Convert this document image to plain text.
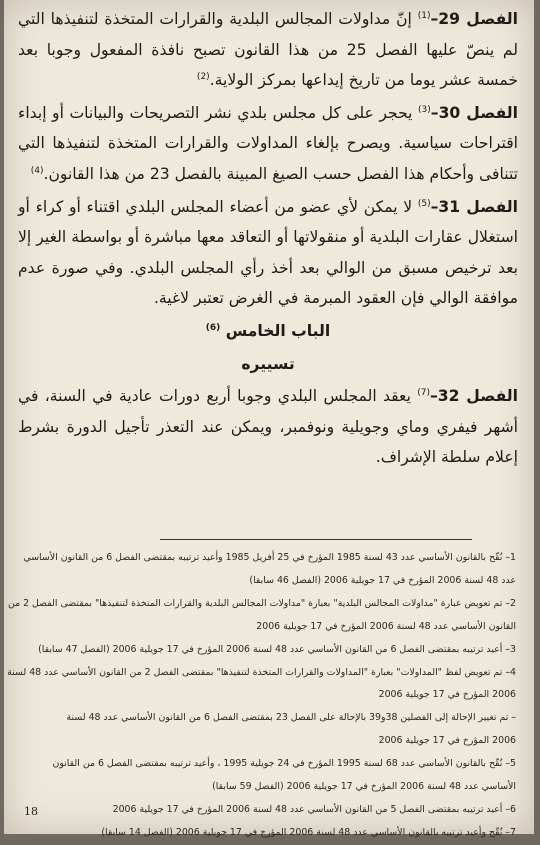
الفصل 29–$^{(1)}$ إنّ مداولات المجالس البلدية والقرارات المتخذة لتنفيذها التي لم ينصّ عليها الفصل 25 من هذا القانون تصبح نافذة المفعول وجوبا بعد خمسة عشر يوما من تاريخ إيداعها بمركز الولاية.$^{(2)}$

الفصل 30–$^{(3)}$ يحجر على كل مجلس بلدي نشر التصريحات والبيانات أو إبداء اقتراحات سياسية. ويصرح بإلغاء المداولات والقرارات المتخذة لتنفيذها التي تتنافى وأحكام هذا الفصل حسب الصيغ المبينة بالفصل 23 من هذا القانون.$^{(4)}$

الفصل 31–$^{(5)}$ لا يمكن لأي عضو من أعضاء المجلس البلدي اقتناء أو كراء أو استغلال عقارات البلدية أو منقولاتها أو التعاقد معها مباشرة أو بواسطة الغير إلا بعد ترخيص مسبق من الوالي بعد أخذ رأي المجلس البلدي. وفي صورة عدم موافقة الوالي فإن العقود المبرمة في الغرض تعتبر لاغية.

الباب الخامس $^{(6)}$

تسييره

الفصل 32–$^{(7)}$ يعقد المجلس البلدي وجوبا أربع دورات عادية في السنة، في أشهر فيفري وماي وجويلية ونوفمبر، ويمكن عند التعذر تأجيل الدورة بشرط إعلام سلطة الإشراف.

1– نُقّح بالقانون الأساسي عدد 43 لسنة 1985 المؤرخ في 25 أفريل 1985 وأعيد ترتيبه بمقتضى الفصل 6 من القانون الأساسي
عدد 48 لسنة 2006 المؤرخ في 17 جويلية 2006 (الفصل 46 سابقا)
2– تم تعويض عبارة "مداولات المجالس البلدية" بعبارة "مداولات المجالس البلدية والقرارات المتخذة لتنفيذها" بمقتضى الفصل 2 من
القانون الأساسي عدد 48 لسنة 2006 المؤرخ في 17 جويلية 2006
3– أعيد ترتيبه بمقتضى الفصل 6 من القانون الأساسي عدد 48 لسنة 2006 المؤرخ في 17 جويلية 2006 (الفصل 47 سابقا)
4– تم تعويض لفظ "المداولات" بعبارة "المداولات والقرارات المتخذة لتنفيذها" بمقتضى الفصل 2 من القانون الأساسي عدد 48 لسنة
2006 المؤرخ في 17 جويلية 2006
– تم تغيير الإحالة إلى الفصلين 38و39 بالإحالة على الفصل 23 بمقتضى الفصل 6 من القانون الأساسي عدد 48 لسنة
2006 المؤرخ في 17 جويلية 2006
5– نُقّح بالقانون الأساسي عدد 68 لسنة 1995 المؤرخ في 24 جويلية 1995 ، وأعيد ترتيبه بمقتضى الفصل 6 من القانون
الأساسي عدد 48 لسنة 2006 المؤرخ في 17 جويلية 2006 (الفصل 59 سابقا)
6– أعيد ترتيبه بمقتضى الفصل 5 من القانون الأساسي عدد 48 لسنة 2006 المؤرخ في 17 جويلية 2006
7– نُقّح وأعيد ترتيبه بالقانون الأساسي عدد 48 لسنة 2006 المؤرخ في 17 جويلية 2006 (الفصل 14 سابقا)
18
